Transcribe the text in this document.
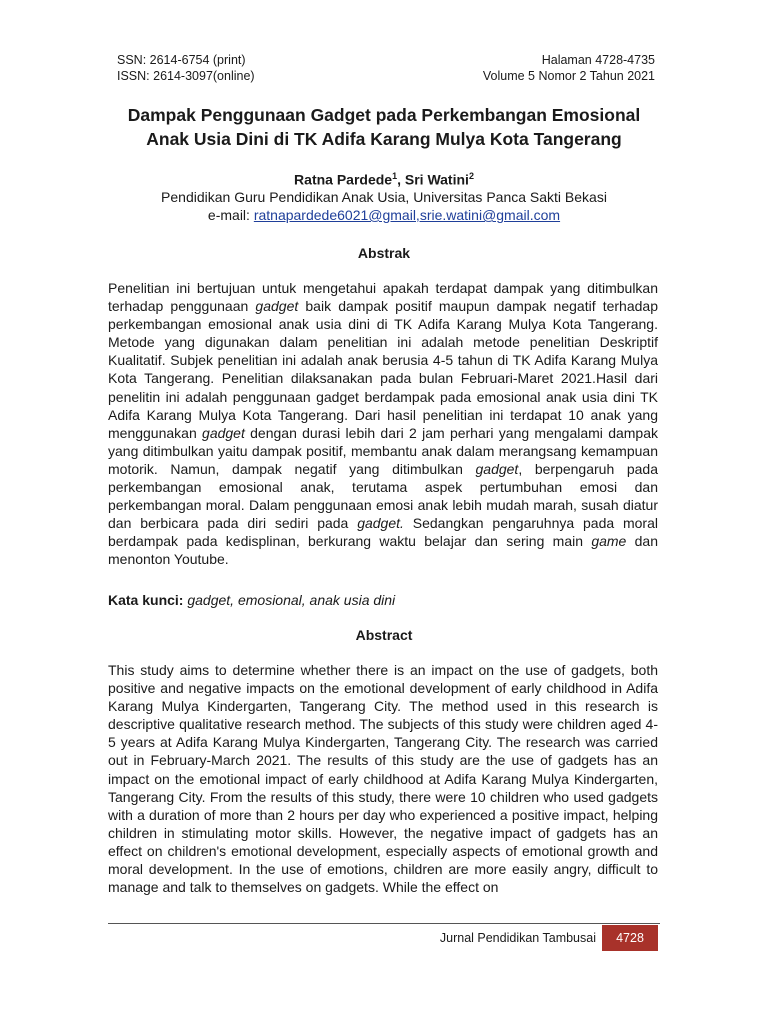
SSN: 2614-6754 (print)
ISSN: 2614-3097(online)
Halaman 4728-4735
Volume 5 Nomor 2 Tahun 2021
Dampak Penggunaan Gadget pada Perkembangan Emosional
Anak Usia Dini di TK Adifa Karang Mulya Kota Tangerang
Ratna Pardede$^1$, Sri Watini$^2$
Pendidikan Guru Pendidikan Anak Usia, Universitas Panca Sakti Bekasi
e-mail: ratnapardede6021@gmail,srie.watini@gmail.com
Abstrak

Penelitian ini bertujuan untuk mengetahui apakah terdapat dampak yang ditimbulkan terhadap penggunaan gadget baik dampak positif maupun dampak negatif terhadap perkembangan emosional anak usia dini di TK Adifa Karang Mulya Kota Tangerang. Metode yang digunakan dalam penelitian ini adalah metode penelitian Deskriptif Kualitatif. Subjek penelitian ini adalah anak berusia 4-5 tahun di TK Adifa Karang Mulya Kota Tangerang. Penelitian dilaksanakan pada bulan Februari-Maret 2021.Hasil dari penelitin ini adalah penggunaan gadget berdampak pada emosional anak usia dini TK Adifa Karang Mulya Kota Tangerang. Dari hasil penelitian ini terdapat 10 anak yang menggunakan gadget dengan durasi lebih dari 2 jam perhari yang mengalami dampak yang ditimbulkan yaitu dampak positif, membantu anak dalam merangsang kemampuan motorik. Namun, dampak negatif yang ditimbulkan gadget, berpengaruh pada perkembangan emosional anak, terutama aspek pertumbuhan emosi dan perkembangan moral. Dalam penggunaan emosi anak lebih mudah marah, susah diatur dan berbicara pada diri sediri pada gadget. Sedangkan pengaruhnya pada moral berdampak pada kedisplinan, berkurang waktu belajar dan sering main game dan menonton Youtube.

Kata kunci: gadget, emosional, anak usia dini
Abstract

This study aims to determine whether there is an impact on the use of gadgets, both positive and negative impacts on the emotional development of early childhood in Adifa Karang Mulya Kindergarten, Tangerang City. The method used in this research is descriptive qualitative research method. The subjects of this study were children aged 4-5 years at Adifa Karang Mulya Kindergarten, Tangerang City. The research was carried out in February-March 2021. The results of this study are the use of gadgets has an impact on the emotional impact of early childhood at Adifa Karang Mulya Kindergarten, Tangerang City. From the results of this study, there were 10 children who used gadgets with a duration of more than 2 hours per day who experienced a positive impact, helping children in stimulating motor skills. However, the negative impact of gadgets has an effect on children's emotional development, especially aspects of emotional growth and moral development. In the use of emotions, children are more easily angry, difficult to manage and talk to themselves on gadgets. While the effect on

Jurnal Pendidikan Tambusai	4728
